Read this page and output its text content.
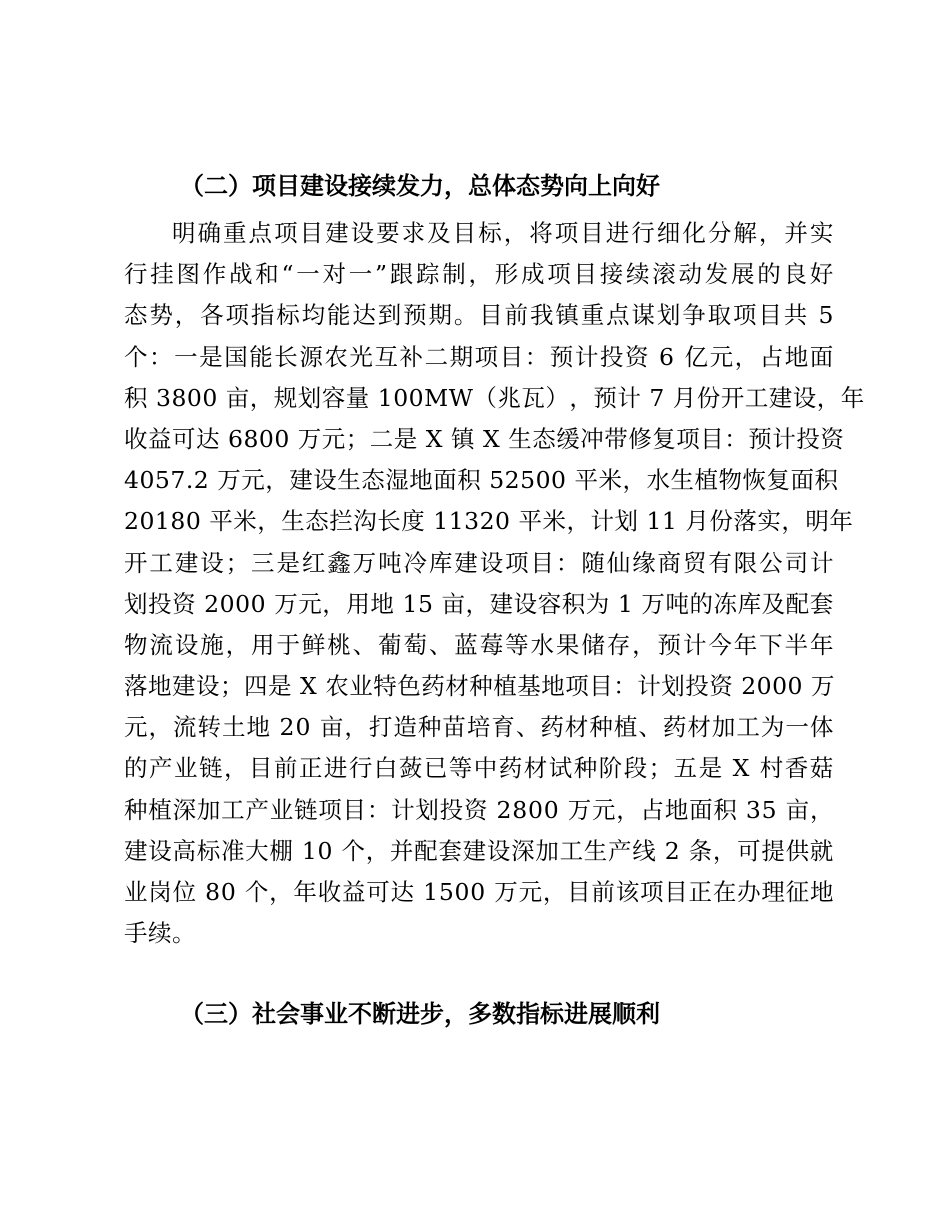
（二）项目建设接续发力，总体态势向上向好
明 确 重 点 项 目 建 设 要 求 及 目 标 ， 将 项 目 进 行 细 化 分 解 ， 并 实
行 挂 图 作 战 和 “ 一 对 一 ” 跟 踪 制 ， 形 成 项 目 接 续 滚 动 发 展 的 良 好
态 势 ， 各 项 指 标 均 能 达 到 预 期 。 目 前 我 镇 重 点 谋 划 争 取 项 目 共
5
个 ： 一 是 国 能 长 源 农 光 互 补 二 期 项 目 ： 预 计 投 资
6
亿 元 ， 占 地 面
积
3 8 0 0
亩 ， 规 划 容 量
1 0 0 M W （ 兆 瓦 ） ， 预 计
7
月 份 开 工 建 设 ， 年
收 益 可 达
6 8 0 0
万 元 ； 二 是
X
镇
X
生 态 缓 冲 带 修 复 项 目 ： 预 计 投 资
4 0 5 7 . 2
万 元 ， 建 设 生 态 湿 地 面 积
5 2 5 0 0
平 米 ， 水 生 植 物 恢 复 面 积
2 0 1 8 0
平 米 ， 生 态 拦 沟 长 度
1 1 3 2 0
平 米 ， 计 划
1 1
月 份 落 实 ， 明 年
开 工 建 设 ； 三 是 红 鑫 万 吨 冷 库 建 设 项 目 ： 随 仙 缘 商 贸 有 限 公 司 计
划 投 资
2 0 0 0
万 元 ， 用 地
1 5
亩 ， 建 设 容 积 为
1
万 吨 的 冻 库 及 配 套
物 流 设 施 ， 用 于 鲜 桃 、 葡 萄 、 蓝 莓 等 水 果 储 存 ， 预 计 今 年 下 半 年
落 地 建 设 ； 四 是
X
农 业 特 色 药 材 种 植 基 地 项 目 ： 计 划 投 资
2 0 0 0
万
元 ， 流 转 土 地
2 0
亩 ， 打 造 种 苗 培 育 、 药 材 种 植 、 药 材 加 工 为 一 体
的 产 业 链 ， 目 前 正 进 行 白 蔹 已 等 中 药 材 试 种 阶 段 ； 五 是
X
村 香 菇
种 植 深 加 工 产 业 链 项 目 ： 计 划 投 资
2 8 0 0
万 元 ， 占 地 面 积
3 5
亩 ，
建 设 高 标 准 大 棚
1 0
个 ， 并 配 套 建 设 深 加 工 生 产 线
2
条 ， 可 提 供 就
业 岗 位
8 0
个 ， 年 收 益 可 达
1 5 0 0
万 元 ， 目 前 该 项 目 正 在 办 理 征 地
手续。
（三）社会事业不断进步，多数指标进展顺利
